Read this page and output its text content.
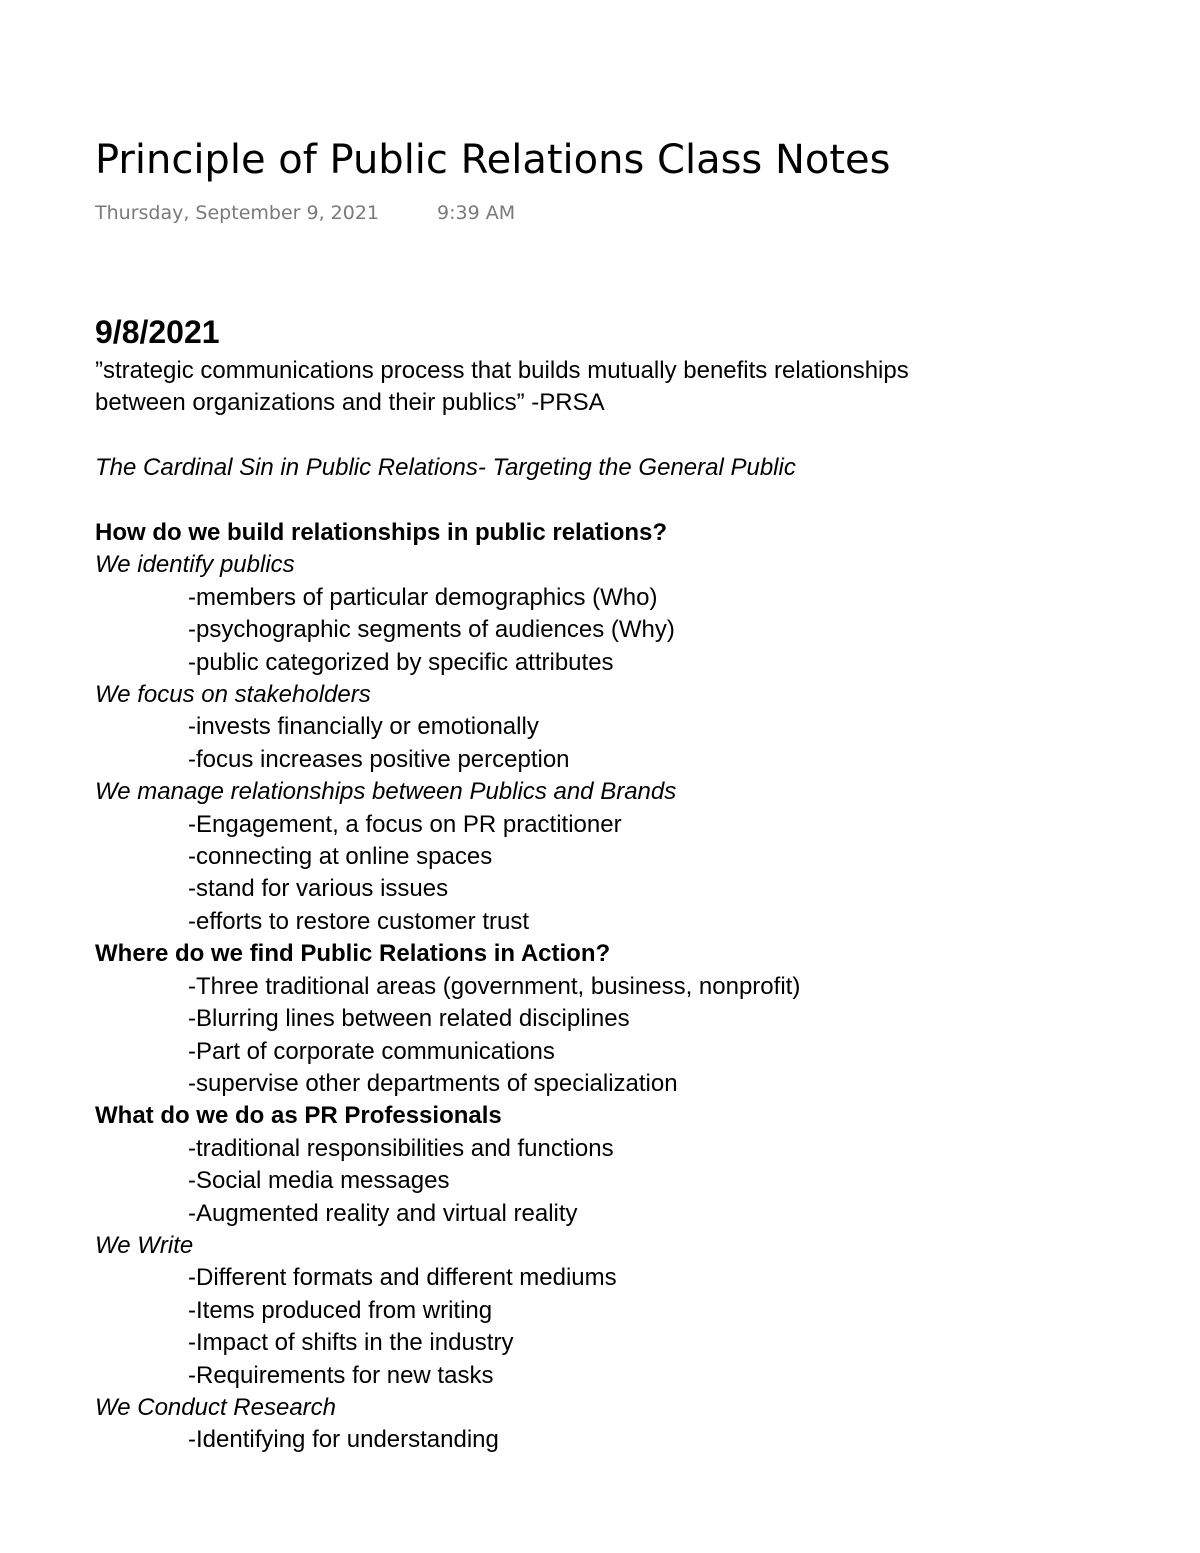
Principle of Public Relations Class Notes
Thursday, September 9, 2021	9:39 AM
9/8/2021
”strategic communications process that builds mutually benefits relationships
between organizations and their publics” -PRSA
The Cardinal Sin in Public Relations- Targeting the General Public
How do we build relationships in public relations?
We identify publics
-members of particular demographics (Who)
-psychographic segments of audiences (Why)
-public categorized by specific attributes
We focus on stakeholders
-invests financially or emotionally
-focus increases positive perception
We manage relationships between Publics and Brands
-Engagement, a focus on PR practitioner
-connecting at online spaces
-stand for various issues
-efforts to restore customer trust
Where do we find Public Relations in Action?
-Three traditional areas (government, business, nonprofit)
-Blurring lines between related disciplines
-Part of corporate communications
-supervise other departments of specialization
What do we do as PR Professionals
-traditional responsibilities and functions
-Social media messages
-Augmented reality and virtual reality
We Write
-Different formats and different mediums
-Items produced from writing
-Impact of shifts in the industry
-Requirements for new tasks
We Conduct Research
-Identifying for understanding
